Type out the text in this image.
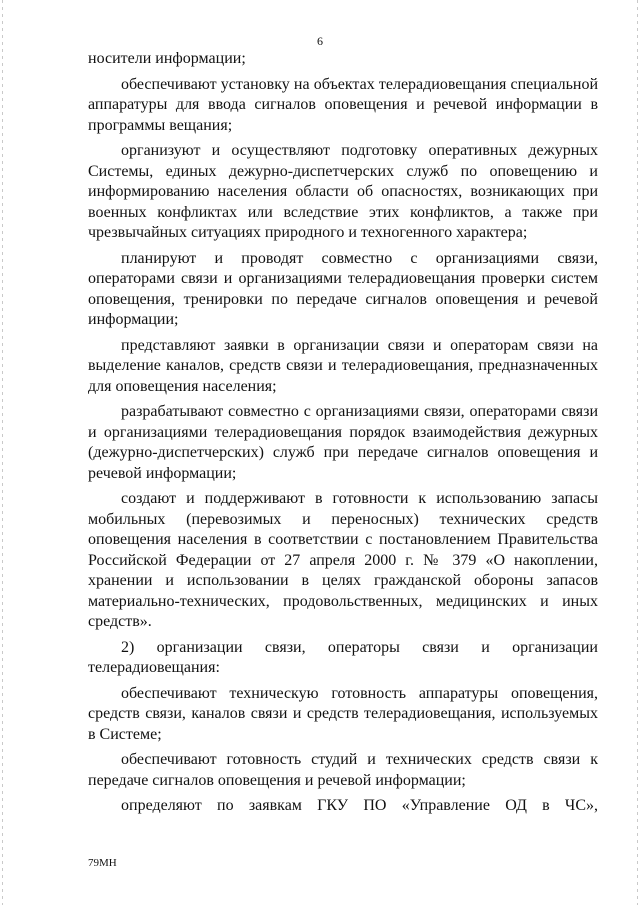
6

носители информации;

обеспечивают установку на объектах телерадиовещания специальной аппаратуры для ввода сигналов оповещения и речевой информации в программы вещания;

организуют и осуществляют подготовку оперативных дежурных Системы, единых дежурно-диспетчерских служб по оповещению и информированию населения области об опасностях, возникающих при военных конфликтах или вследствие этих конфликтов, а также при чрезвычайных ситуациях природного и техногенного характера;

планируют и проводят совместно с организациями связи, операторами связи и организациями телерадиовещания проверки систем оповещения, тренировки по передаче сигналов оповещения и речевой информации;

представляют заявки в организации связи и операторам связи на выделение каналов, средств связи и телерадиовещания, предназначенных для оповещения населения;

разрабатывают совместно с организациями связи, операторами связи и организациями телерадиовещания порядок взаимодействия дежурных (дежурно-диспетчерских) служб при передаче сигналов оповещения и речевой информации;

создают и поддерживают в готовности к использованию запасы мобильных (перевозимых и переносных) технических средств оповещения населения в соответствии с постановлением Правительства Российской Федерации от 27 апреля 2000 г. № 379 «О накоплении, хранении и использовании в целях гражданской обороны запасов материально-технических, продовольственных, медицинских и иных средств».

2) организации связи, операторы связи и организации телерадиовещания:

обеспечивают техническую готовность аппаратуры оповещения, средств связи, каналов связи и средств телерадиовещания, используемых в Системе;

обеспечивают готовность студий и технических средств связи к передаче сигналов оповещения и речевой информации;

определяют по заявкам ГКУ ПО «Управление ОД в ЧС»,

79МН
